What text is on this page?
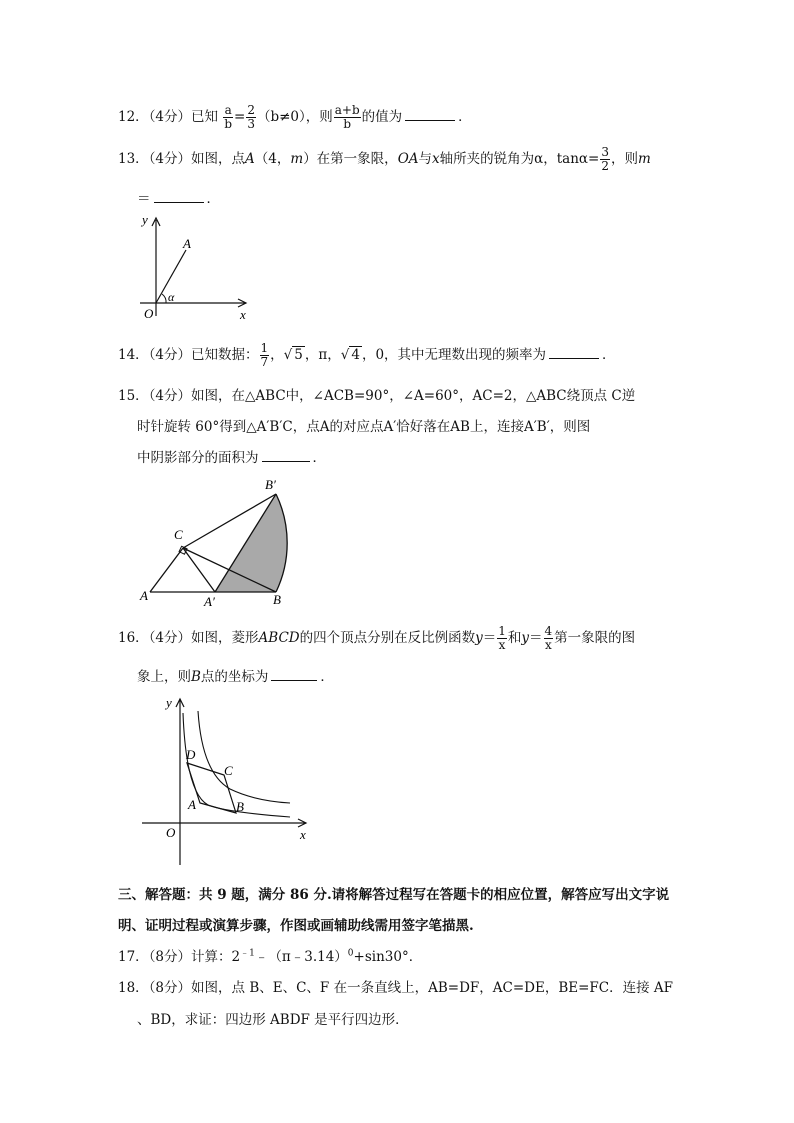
12．（4分）已知 $\frac{a}{b} = \frac{2}{3} (b\ne 0)$，则 $\frac{a+b}{b}$ 的值为	．
13．（4分）如图，点A（4，m）在第一象限，OA与x轴所夹的锐角为α，$\tan\alpha= \frac{3}{2}$ ，则m
＝	．
y
A
α
O	x
14．（4分）已知数据： $\frac{1}{7}$ ，√ 5 ，π，√ 4 ，0，其中无理数出现的频率为	．
15．（4分）如图，在△ABC中，∠ACB=90°，∠A=60°，AC=2，△ABC绕顶点 C逆
时针旋转 60°得到△A′B′C，点A的对应点A′恰好落在AB上，连接A′B′，则图
中阴影部分的面积为	．
B′
C
A	A′	B
16．（4分）如图，菱形ABCD的四个顶点分别在反比例函数$y= \frac{1}{x}$ 和$y= \frac{4}{x}$ 第一象限的图
象上，则B点的坐标为	．
y
D
C
A	B
O	x
三、解答题：共 9 题，满分 86 分.请将解答过程写在答题卡的相应位置，解答应写出文字说
明、证明过程或演算步骤，作图或画辅助线需用签字笔描黑.
17．（8分）计算：$2^{﹣1}﹣(\pi﹣3.14)^0+\sin 30^\circ$．
18．（8分）如图，点 B、E、C、F 在一条直线上，AB=DF，AC=DE，BE=FC．连接 AF
、BD，求证：四边形 ABDF 是平行四边形．
